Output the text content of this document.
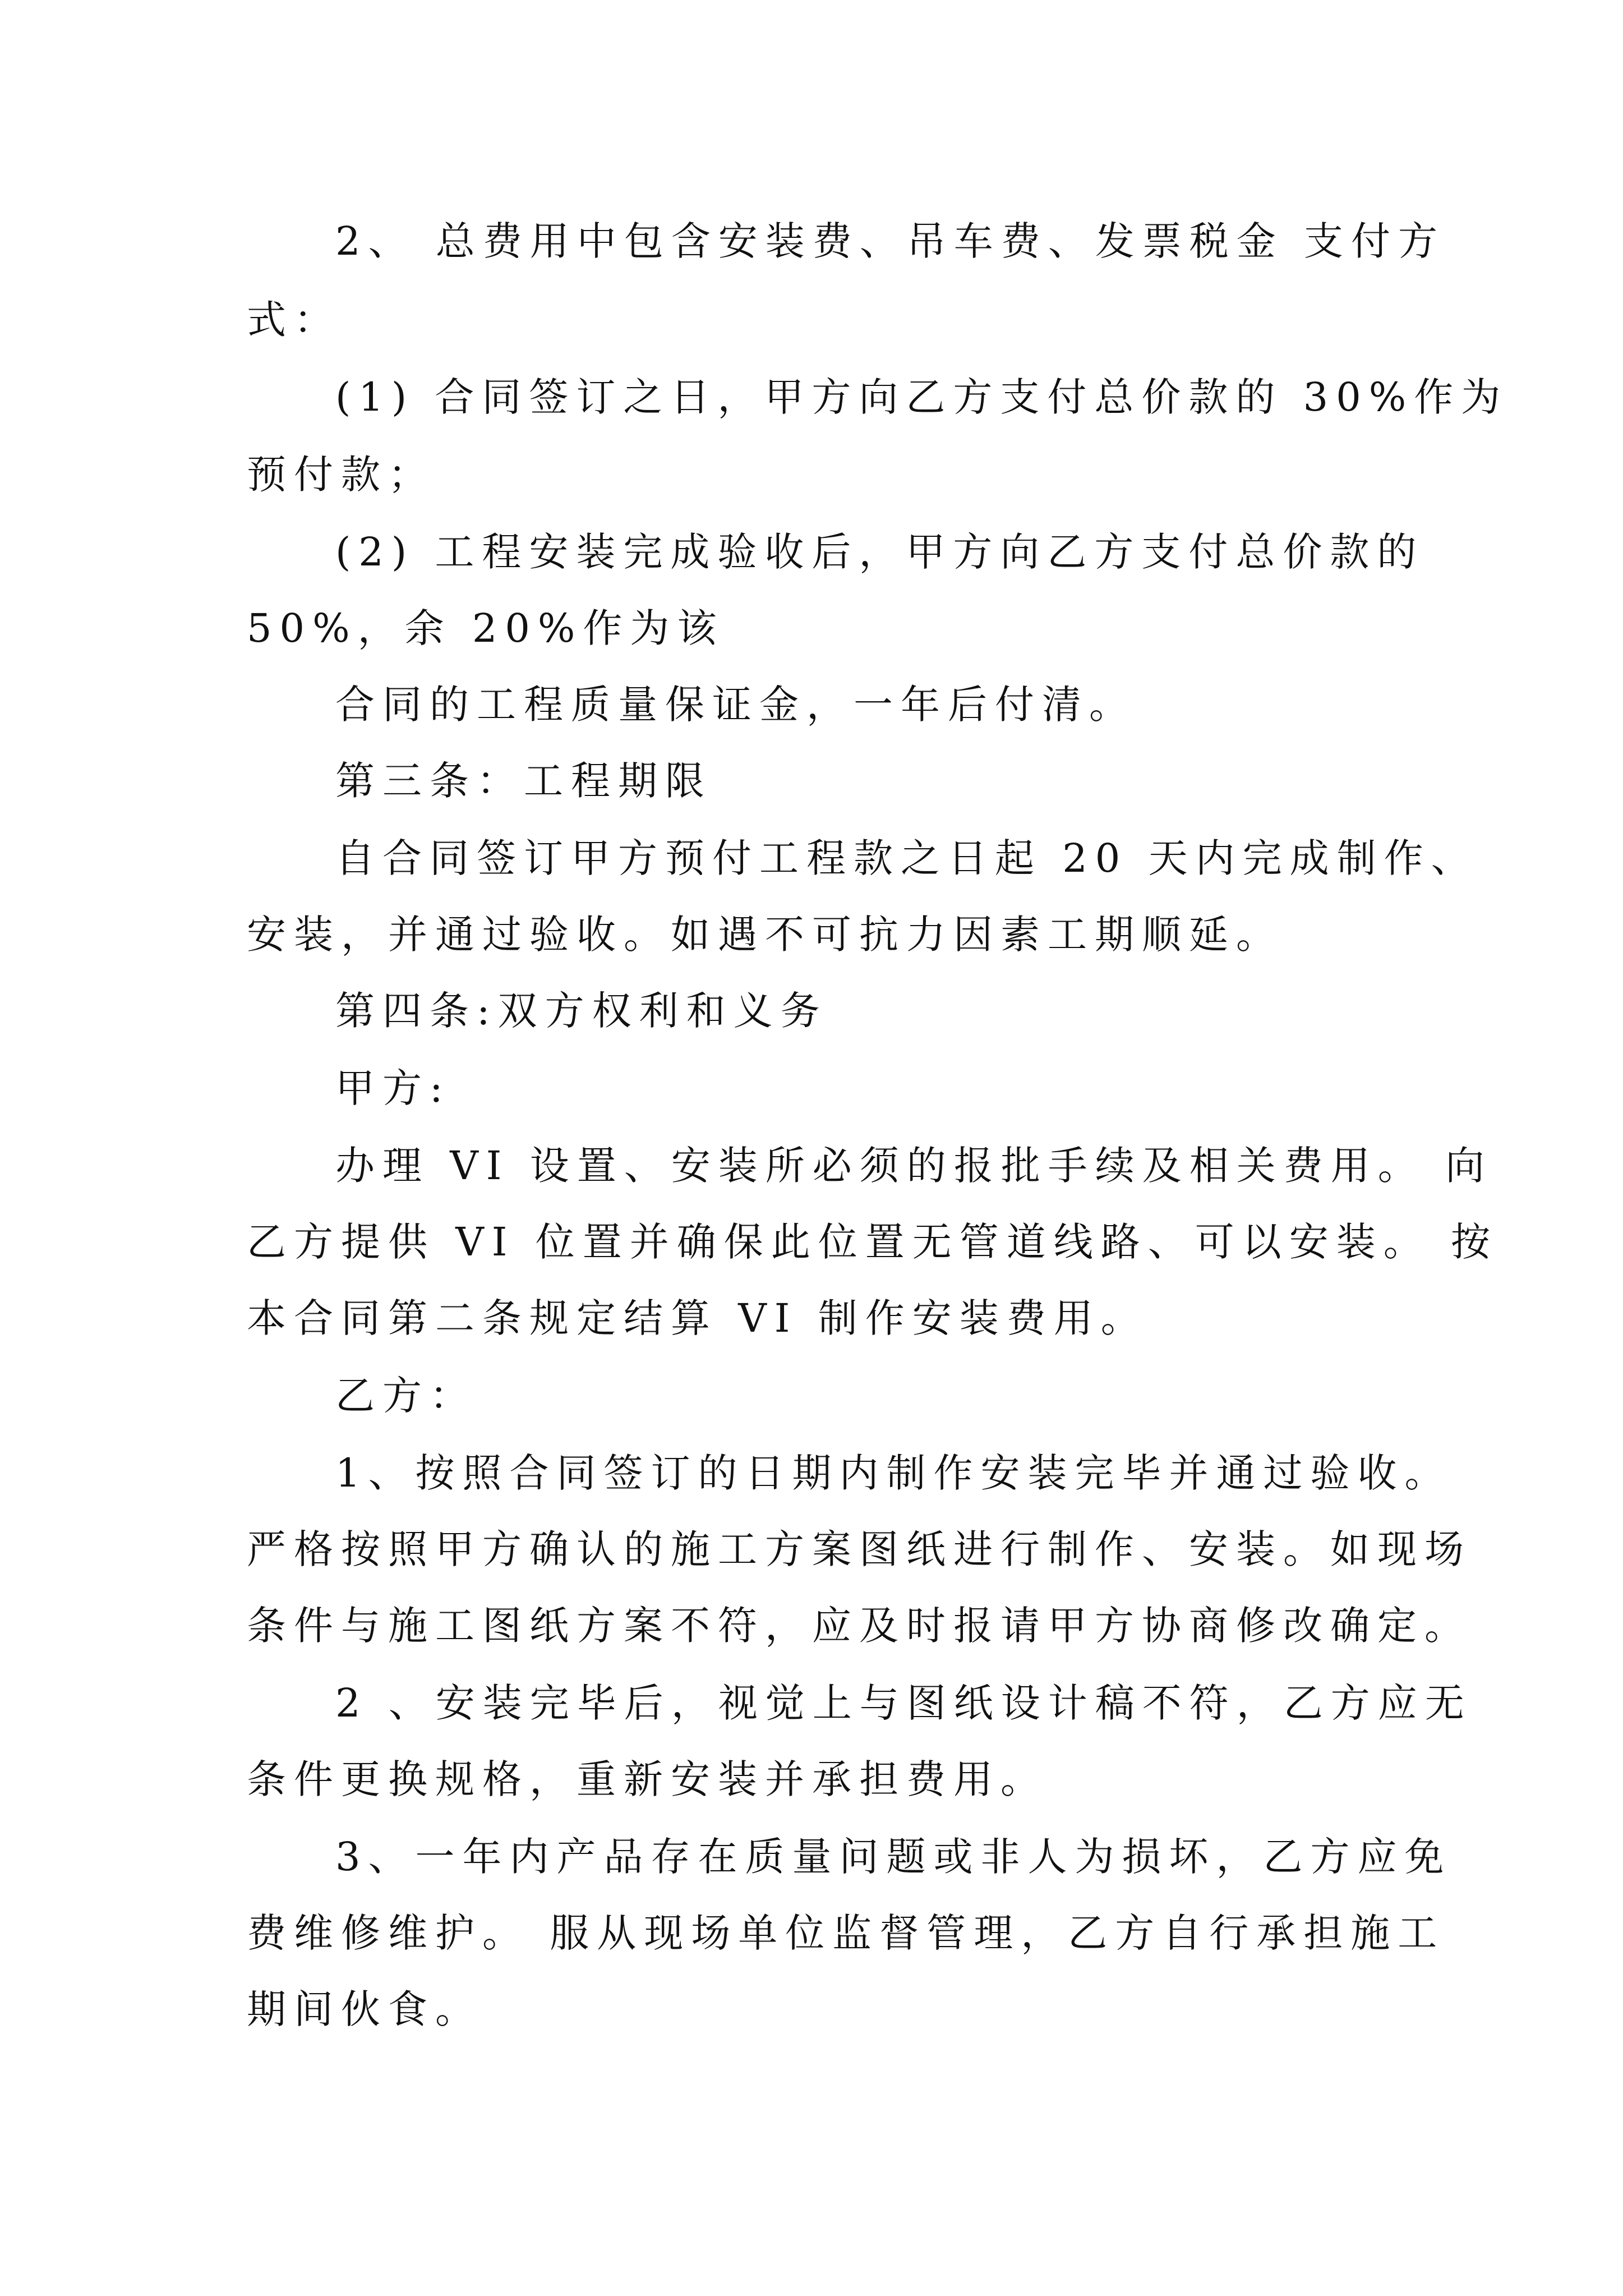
2、 总费用中包含安装费、吊车费、发票税金 支付方
式：
(1) 合同签订之日，甲方向乙方支付总价款的 30%作为
预付款；
(2) 工程安装完成验收后，甲方向乙方支付总价款的
50%，余 20%作为该
合同的工程质量保证金，一年后付清。
第三条：工程期限
自合同签订甲方预付工程款之日起 20 天内完成制作、
安装，并通过验收。如遇不可抗力因素工期顺延。
第四条:双方权利和义务
甲方:
办理 VI 设置、安装所必须的报批手续及相关费用。 向
乙方提供 VI 位置并确保此位置无管道线路、可以安装。 按
本合同第二条规定结算 VI 制作安装费用。
乙方：
1、按照合同签订的日期内制作安装完毕并通过验收。
严格按照甲方确认的施工方案图纸进行制作、安装。如现场
条件与施工图纸方案不符，应及时报请甲方协商修改确定。
2 、安装完毕后，视觉上与图纸设计稿不符，乙方应无
条件更换规格，重新安装并承担费用。
3、一年内产品存在质量问题或非人为损坏，乙方应免
费维修维护。 服从现场单位监督管理，乙方自行承担施工
期间伙食。
